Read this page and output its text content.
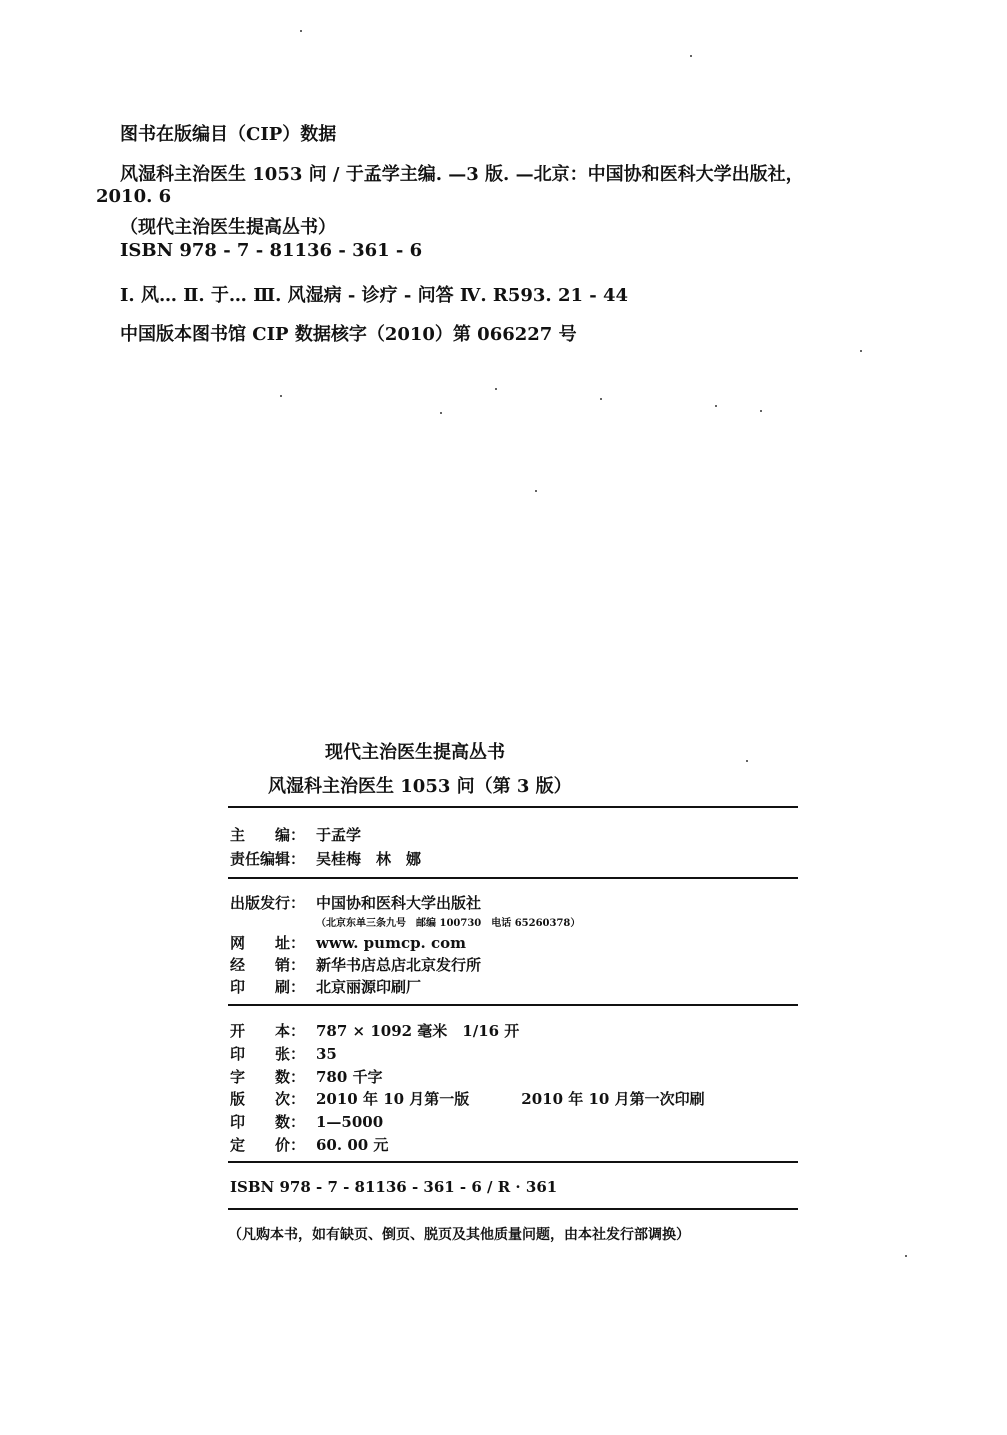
图书在版编目（CIP）数据
风湿科主治医生 1053 问 / 于孟学主编. —3 版. —北京：中国协和医科大学出版社，
2010. 6
（现代主治医生提高丛书）
ISBN 978 - 7 - 81136 - 361 - 6
Ⅰ. 风… Ⅱ. 于… Ⅲ. 风湿病 - 诊疗 - 问答 Ⅳ. R593. 21 - 44
中国版本图书馆 CIP 数据核字（2010）第 066227 号
现代主治医生提高丛书
风湿科主治医生 1053 问（第 3 版）
主　　编： 于孟学
责任编辑： 吴桂梅　林　娜
出版发行： 中国协和医科大学出版社
（北京东单三条九号　邮编 100730　电话 65260378）
网　　址： www. pumcp. com
经　　销： 新华书店总店北京发行所
印　　刷： 北京丽源印刷厂
开　　本： 787 × 1092 毫米　1/16 开
印　　张： 35
字　　数： 780 千字
版　　次： 2010 年 10 月第一版	2010 年 10 月第一次印刷
印　　数： 1—5000
定　　价： 60. 00 元
ISBN 978 - 7 - 81136 - 361 - 6 / R · 361
（凡购本书，如有缺页、倒页、脱页及其他质量问题，由本社发行部调换）
